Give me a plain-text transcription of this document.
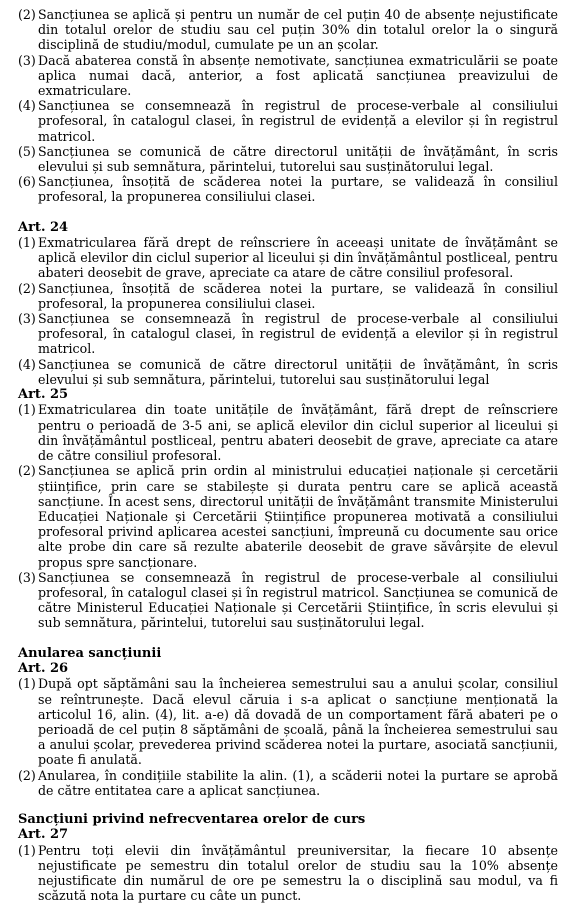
(2) Sancțiunea se aplică și pentru un număr de cel puțin 40 de absențe nejustificate din totalul orelor de studiu sau cel puțin 30% din totalul orelor la o singură disciplină de studiu/modul, cumulate pe un an școlar.
(3) Dacă abaterea constă în absențe nemotivate, sancțiunea exmatriculării se poate aplica numai dacă, anterior, a fost aplicată sancțiunea preavizului de exmatriculare.
(4) Sancțiunea se consemnează în registrul de procese-verbale al consiliului profesoral, în catalogul clasei, în registrul de evidență a elevilor și în registrul matricol.
(5) Sancțiunea se comunică de către directorul unității de învățământ, în scris elevului și sub semnătura, părintelui, tutorelui sau susținătorului legal.
(6) Sancțiunea, însoțită de scăderea notei la purtare, se validează în consiliul profesoral, la propunerea consiliului clasei.
Art. 24
(1) Exmatricularea fără drept de reînscriere în aceeași unitate de învățământ se aplică elevilor din ciclul superior al liceului și din învățământul postliceal, pentru abateri deosebit de grave, apreciate ca atare de către consiliul profesoral.
(2) Sancțiunea, însoțită de scăderea notei la purtare, se validează în consiliul profesoral, la propunerea consiliului clasei.
(3) Sancțiunea se consemnează în registrul de procese-verbale al consiliului profesoral, în catalogul clasei, în registrul de evidență a elevilor și în registrul matricol.
(4) Sancțiunea se comunică de către directorul unității de învățământ, în scris elevului și sub semnătura, părintelui, tutorelui sau susținătorului legal
Art. 25
(1) Exmatricularea din toate unitățile de învățământ, fără drept de reînscriere pentru o perioadă de 3-5 ani, se aplică elevilor din ciclul superior al liceului și din învățământul postliceal, pentru abateri deosebit de grave, apreciate ca atare de către consiliul profesoral.
(2) Sancțiunea se aplică prin ordin al ministrului educației naționale și cercetării științifice, prin care se stabilește și durata pentru care se aplică această sancțiune. În acest sens, directorul unității de învățământ transmite Ministerului Educației Naționale și Cercetării Științifice propunerea motivată a consiliului profesoral privind aplicarea acestei sancțiuni, împreună cu documente sau orice alte probe din care să rezulte abaterile deosebit de grave săvârșite de elevul propus spre sancționare.
(3) Sancțiunea se consemnează în registrul de procese-verbale al consiliului profesoral, în catalogul clasei și în registrul matricol. Sancțiunea se comunică de către Ministerul Educației Naționale și Cercetării Științifice, în scris elevului și sub semnătura, părintelui, tutorelui sau susținătorului legal.
Anularea sancțiunii
Art. 26
(1) După opt săptămâni sau la încheierea semestrului sau a anului școlar, consiliul se reîntrunește. Dacă elevul căruia i s-a aplicat o sancțiune menționată la articolul 16, alin. (4), lit. a-e) dă dovadă de un comportament fără abateri pe o perioadă de cel puțin 8 săptămâni de școală, până la încheierea semestrului sau a anului școlar, prevederea privind scăderea notei la purtare, asociată sancțiunii, poate fi anulată.
(2) Anularea, în condițiile stabilite la alin. (1), a scăderii notei la purtare se aprobă de către entitatea care a aplicat sancțiunea.
Sancțiuni privind nefrecventarea orelor de curs
Art. 27
(1) Pentru toți elevii din învățământul preuniversitar, la fiecare 10 absențe nejustificate pe semestru din totalul orelor de studiu sau la 10% absențe nejustificate din numărul de ore pe semestru la o disciplină sau modul, va fi scăzută nota la purtare cu câte un punct.
